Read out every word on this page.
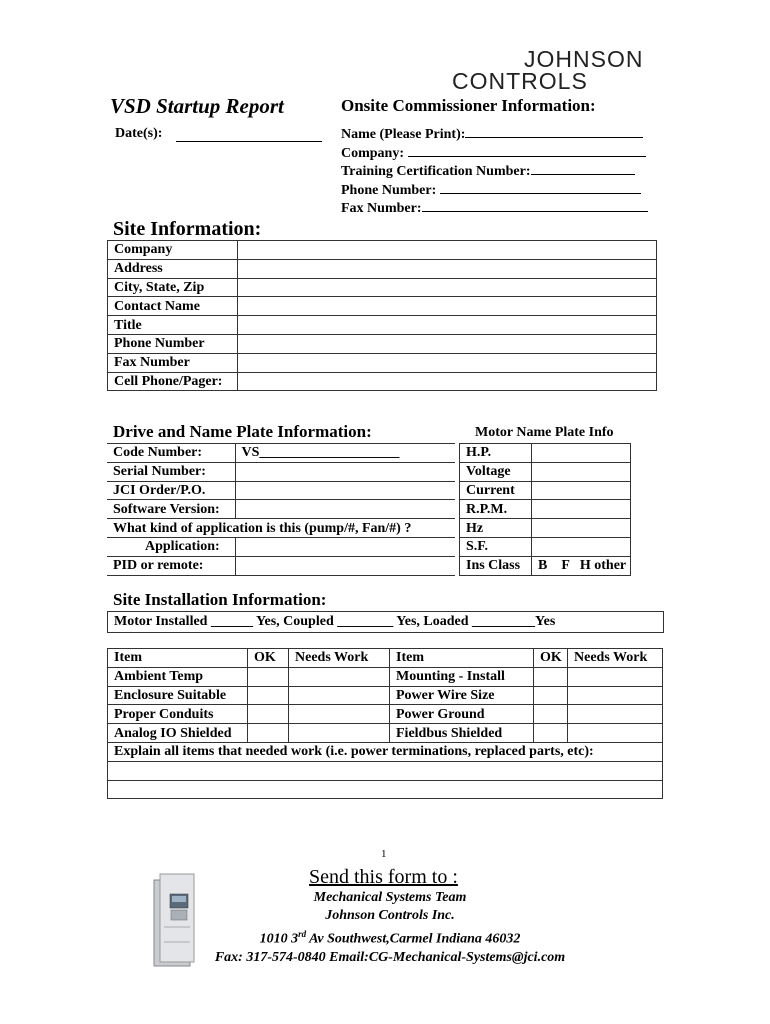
JOHNSON
CONTROLS
VSD Startup Report	Onsite Commissioner Information:
Date(s):	Name (Please Print):
Company:
Training Certification Number:
Phone Number:
Fax Number:
Site Information:
Company	
Address	
City, State, Zip	
Contact Name	
Title	
Phone Number	
Fax Number	
Cell Phone/Pager:	
Drive and Name Plate Information:	Motor Name Plate Info
Code Number:	VS____________________
Serial Number:	
JCI Order/P.O.	
Software Version:	
What kind of application is this (pump/#, Fan/#) ?	
Application:	
PID or remote:	
H.P.	
Voltage	
Current	
R.P.M.	
Hz	
S.F.	
Ins Class	B    F   H other
Site Installation Information:
Motor Installed ______ Yes, Coupled ________ Yes, Loaded _________Yes
Item	OK	Needs Work	Item	OK	Needs Work
Ambient Temp			Mounting - Install		
Enclosure Suitable			Power Wire Size		
Proper Conduits			Power Ground		
Analog IO Shielded			Fieldbus Shielded		
Explain all items that needed work (i.e. power terminations, replaced parts, etc):					

1
Send this form to :
Mechanical Systems Team
Johnson Controls Inc.
1010 3rd Av Southwest,Carmel Indiana 46032
Fax: 317-574-0840 Email:CG-Mechanical-Systems@jci.com
